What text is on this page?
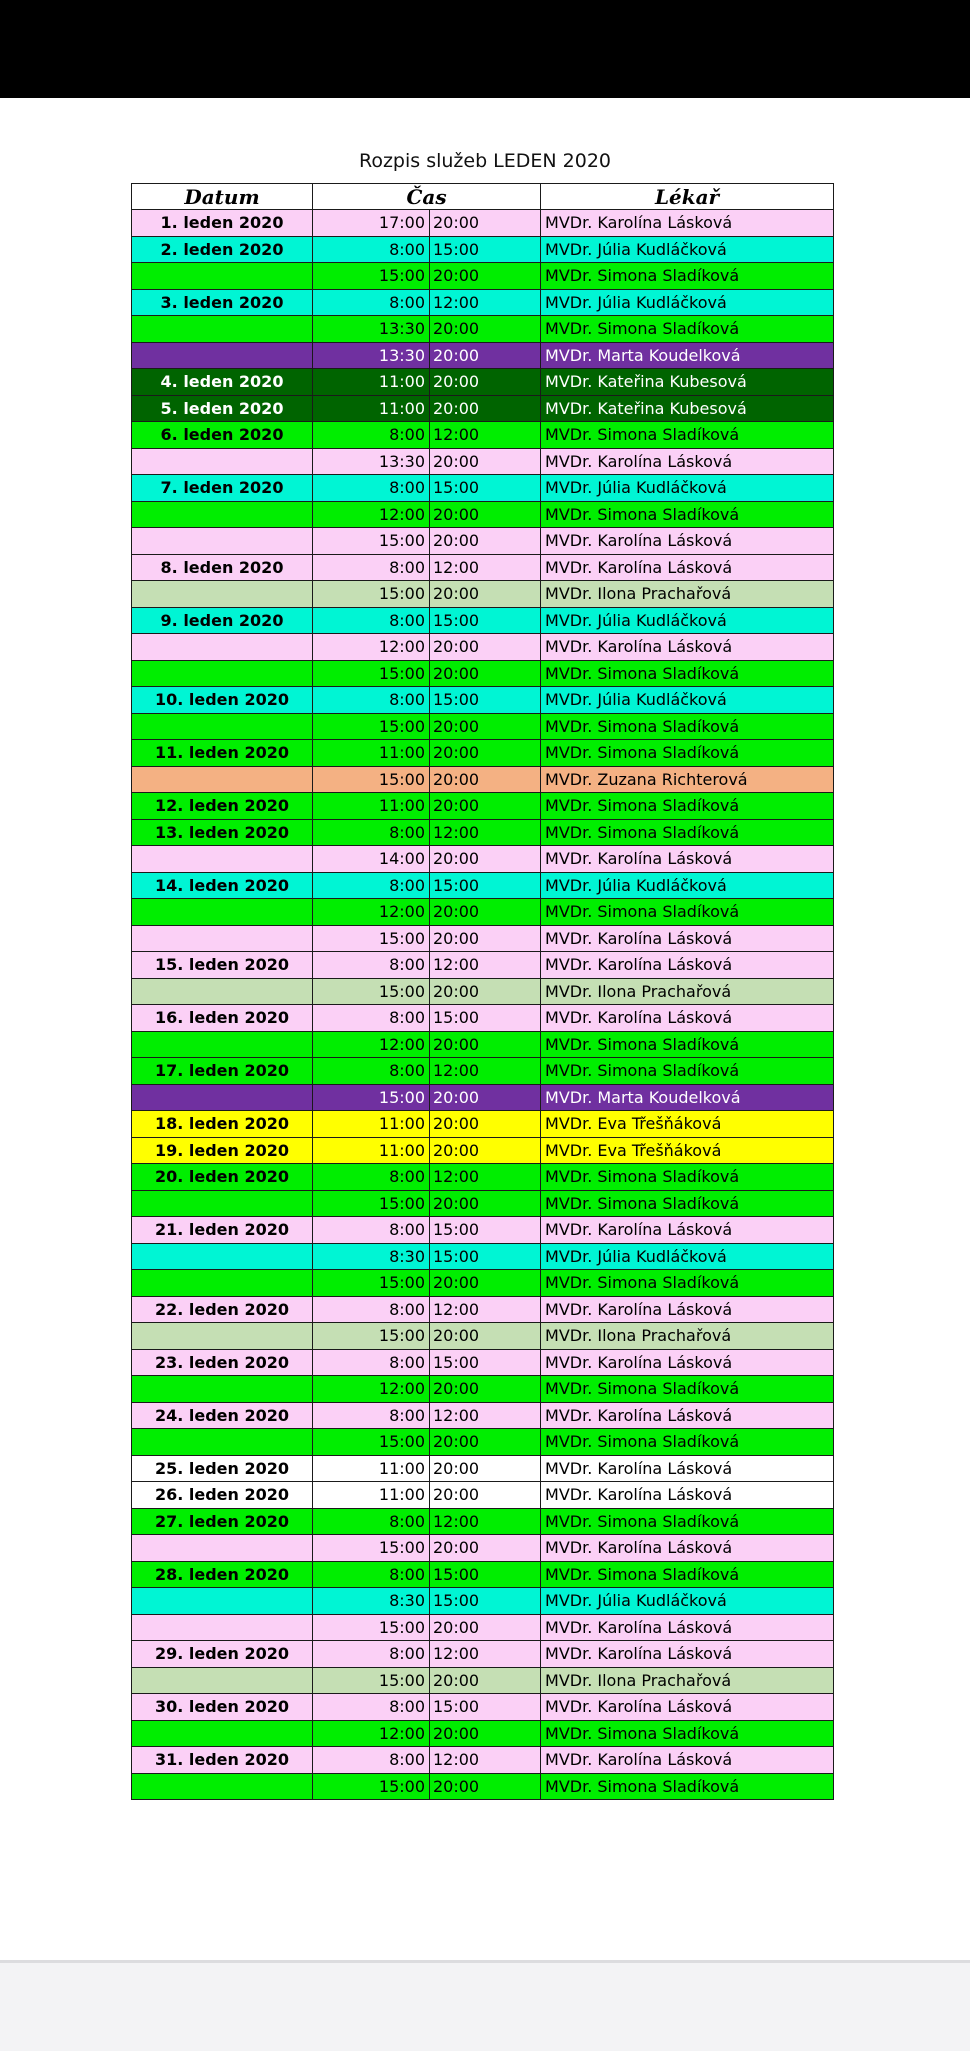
Rozpis služeb LEDEN 2020
Datum	Čas		Lékař
1. leden 2020	17:00	20:00	MVDr. Karolína Lásková
2. leden 2020	8:00	15:00	MVDr. Júlia Kudláčková
	15:00	20:00	MVDr. Simona Sladíková
3. leden 2020	8:00	12:00	MVDr. Júlia Kudláčková
	13:30	20:00	MVDr. Simona Sladíková
	13:30	20:00	MVDr. Marta Koudelková
4. leden 2020	11:00	20:00	MVDr. Kateřina Kubesová
5. leden 2020	11:00	20:00	MVDr. Kateřina Kubesová
6. leden 2020	8:00	12:00	MVDr. Simona Sladíková
	13:30	20:00	MVDr. Karolína Lásková
7. leden 2020	8:00	15:00	MVDr. Júlia Kudláčková
	12:00	20:00	MVDr. Simona Sladíková
	15:00	20:00	MVDr. Karolína Lásková
8. leden 2020	8:00	12:00	MVDr. Karolína Lásková
	15:00	20:00	MVDr. Ilona Prachařová
9. leden 2020	8:00	15:00	MVDr. Júlia Kudláčková
	12:00	20:00	MVDr. Karolína Lásková
	15:00	20:00	MVDr. Simona Sladíková
10. leden 2020	8:00	15:00	MVDr. Júlia Kudláčková
	15:00	20:00	MVDr. Simona Sladíková
11. leden 2020	11:00	20:00	MVDr. Simona Sladíková
	15:00	20:00	MVDr. Zuzana Richterová
12. leden 2020	11:00	20:00	MVDr. Simona Sladíková
13. leden 2020	8:00	12:00	MVDr. Simona Sladíková
	14:00	20:00	MVDr. Karolína Lásková
14. leden 2020	8:00	15:00	MVDr. Júlia Kudláčková
	12:00	20:00	MVDr. Simona Sladíková
	15:00	20:00	MVDr. Karolína Lásková
15. leden 2020	8:00	12:00	MVDr. Karolína Lásková
	15:00	20:00	MVDr. Ilona Prachařová
16. leden 2020	8:00	15:00	MVDr. Karolína Lásková
	12:00	20:00	MVDr. Simona Sladíková
17. leden 2020	8:00	12:00	MVDr. Simona Sladíková
	15:00	20:00	MVDr. Marta Koudelková
18. leden 2020	11:00	20:00	MVDr. Eva Třešňáková
19. leden 2020	11:00	20:00	MVDr. Eva Třešňáková
20. leden 2020	8:00	12:00	MVDr. Simona Sladíková
	15:00	20:00	MVDr. Simona Sladíková
21. leden 2020	8:00	15:00	MVDr. Karolína Lásková
	8:30	15:00	MVDr. Júlia Kudláčková
	15:00	20:00	MVDr. Simona Sladíková
22. leden 2020	8:00	12:00	MVDr. Karolína Lásková
	15:00	20:00	MVDr. Ilona Prachařová
23. leden 2020	8:00	15:00	MVDr. Karolína Lásková
	12:00	20:00	MVDr. Simona Sladíková
24. leden 2020	8:00	12:00	MVDr. Karolína Lásková
	15:00	20:00	MVDr. Simona Sladíková
25. leden 2020	11:00	20:00	MVDr. Karolína Lásková
26. leden 2020	11:00	20:00	MVDr. Karolína Lásková
27. leden 2020	8:00	12:00	MVDr. Simona Sladíková
	15:00	20:00	MVDr. Karolína Lásková
28. leden 2020	8:00	15:00	MVDr. Simona Sladíková
	8:30	15:00	MVDr. Júlia Kudláčková
	15:00	20:00	MVDr. Karolína Lásková
29. leden 2020	8:00	12:00	MVDr. Karolína Lásková
	15:00	20:00	MVDr. Ilona Prachařová
30. leden 2020	8:00	15:00	MVDr. Karolína Lásková
	12:00	20:00	MVDr. Simona Sladíková
31. leden 2020	8:00	12:00	MVDr. Karolína Lásková
	15:00	20:00	MVDr. Simona Sladíková
